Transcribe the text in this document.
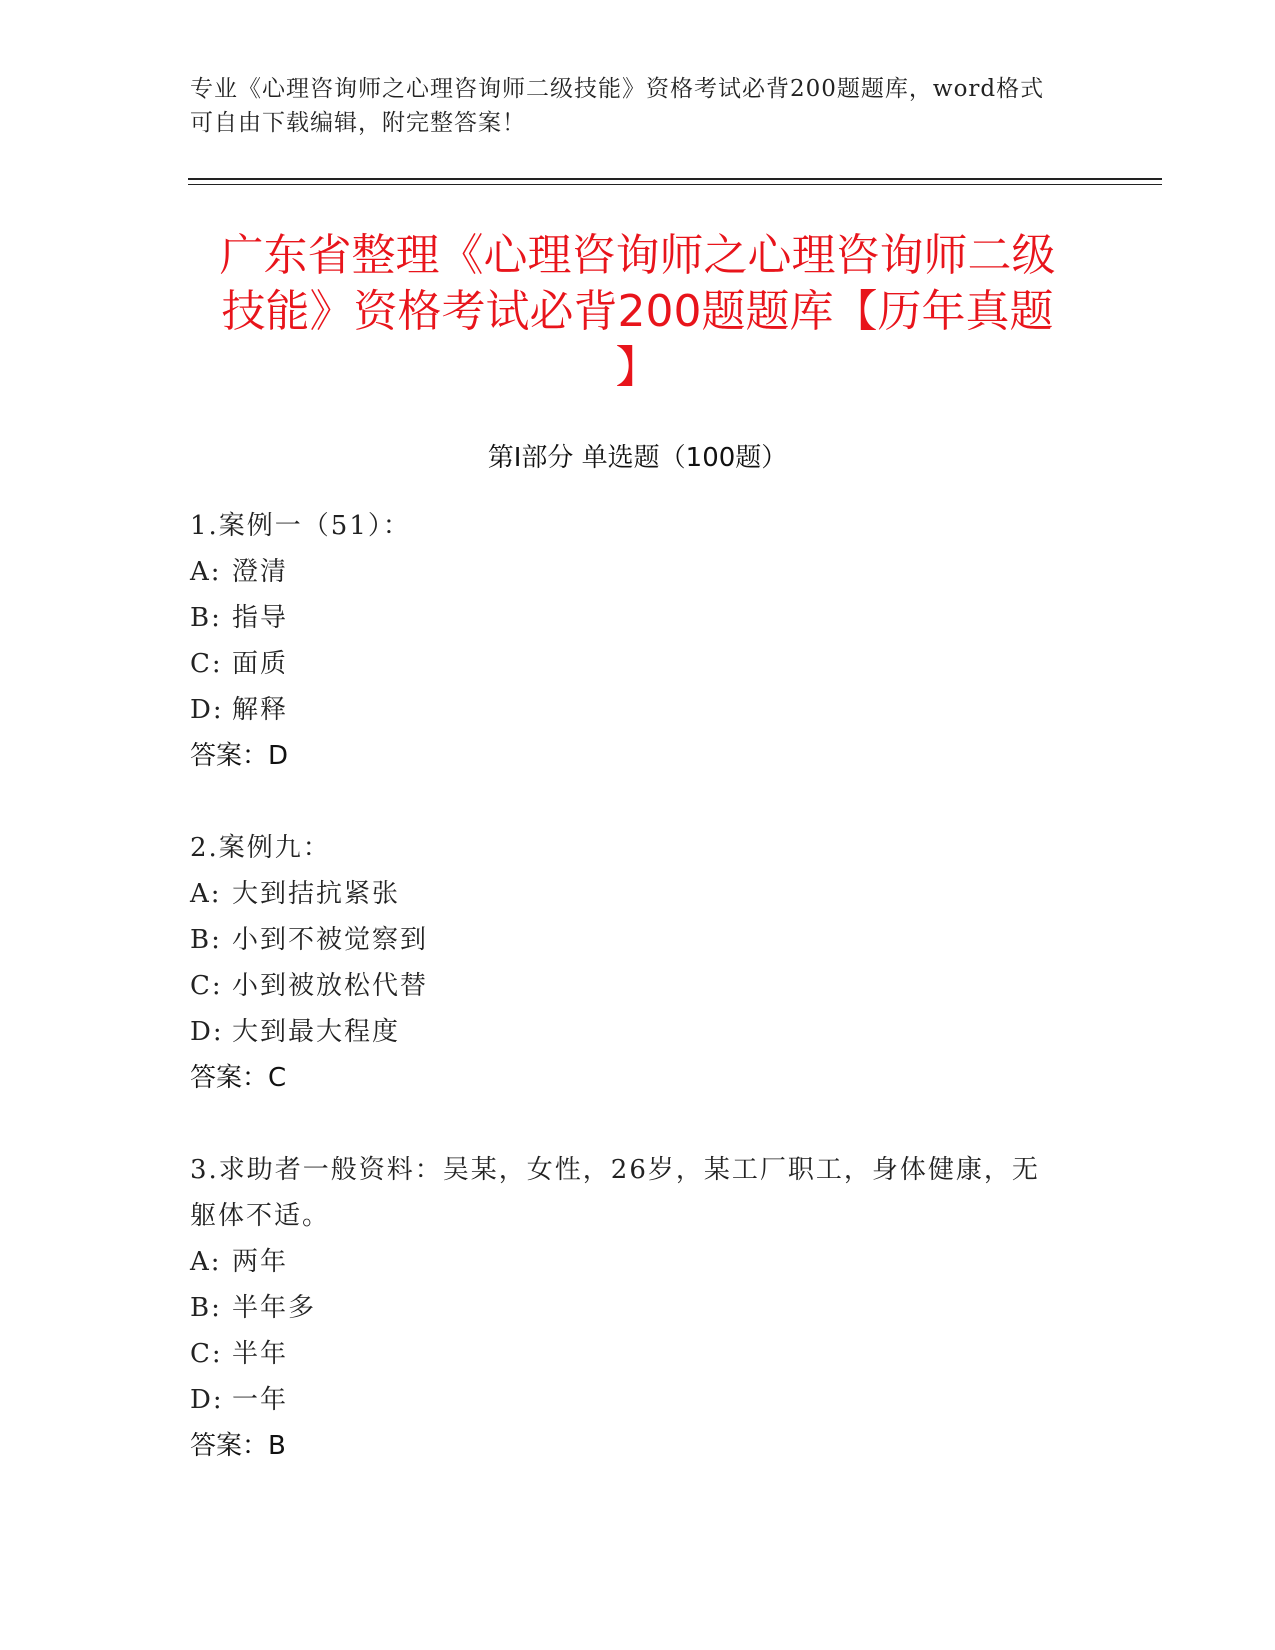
专业《心理咨询师之心理咨询师二级技能》资格考试必背200题题库，word格式
可自由下载编辑，附完整答案！
广东省整理《心理咨询师之心理咨询师二级
技能》资格考试必背200题题库【历年真题
】
第Ⅰ部分 单选题（100题）
1.案例一（51）：
A: 澄清
B: 指导
C: 面质
D: 解释
答案：D
2.案例九：
A: 大到拮抗紧张
B: 小到不被觉察到
C: 小到被放松代替
D: 大到最大程度
答案：C
3.求助者一般资料：吴某，女性，26岁，某工厂职工，身体健康，无
躯体不适。
A: 两年
B: 半年多
C: 半年
D: 一年
答案：B
